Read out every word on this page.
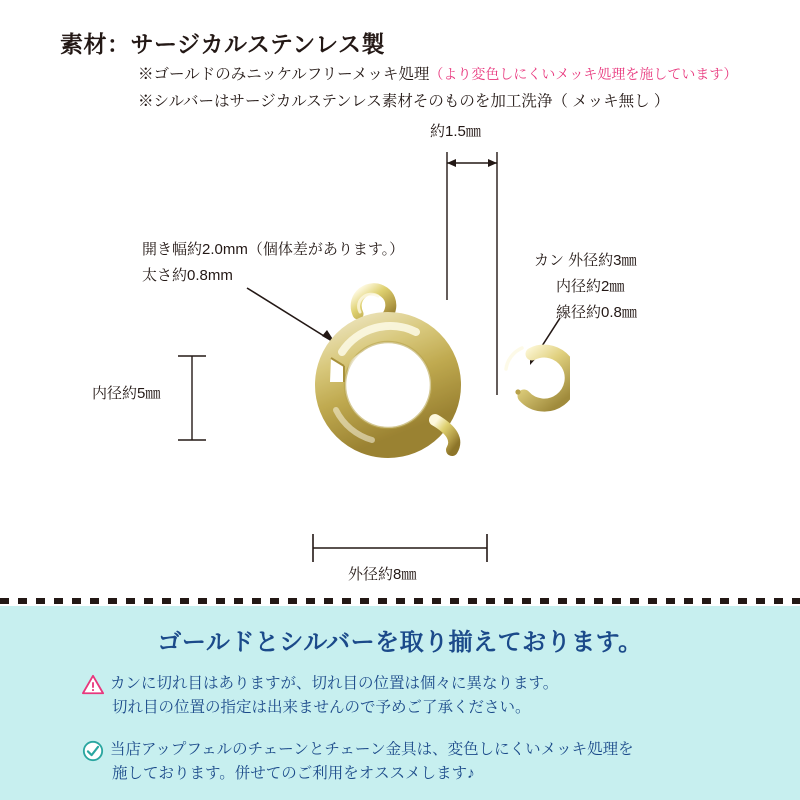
素材：サージカルステンレス製
※ゴールドのみニッケルフリーメッキ処理（より変色しにくいメッキ処理を施しています）
※シルバーはサージカルステンレス素材そのものを加工洗浄（ メッキ無し ）
約1.5㎜
開き幅約2.0mm（個体差があります。）
太さ約0.8mm
内径約5㎜
外径約8㎜
カン 外径約3㎜
内径約2㎜
線径約0.8㎜
ゴールドとシルバーを取り揃えております。
カンに切れ目はありますが、切れ目の位置は個々に異なります。
切れ目の位置の指定は出来ませんので予めご了承ください。
当店アップフェルのチェーンとチェーン金具は、変色しにくいメッキ処理を
施しております。併せてのご利用をオススメします♪
